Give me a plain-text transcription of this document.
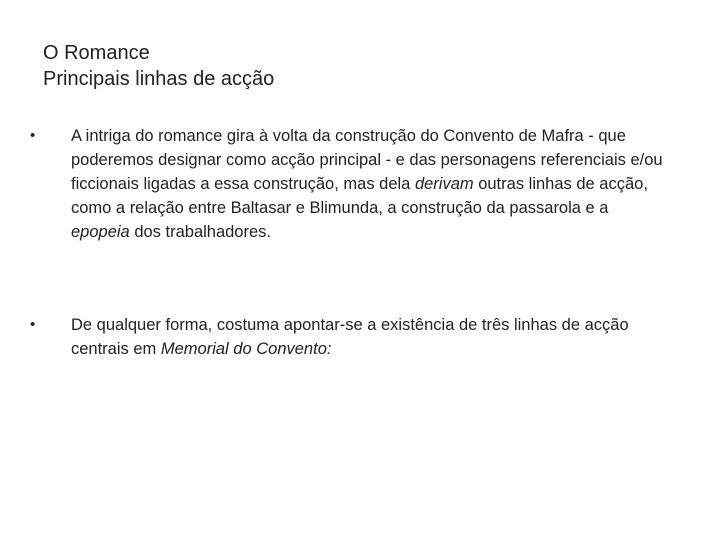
O Romance
Principais linhas de acção
•	A intriga do romance gira à volta da construção do Convento de Mafra - que poderemos designar como acção principal - e das personagens referenciais e/ou ficcionais ligadas a essa construção, mas dela derivam outras linhas de acção, como a relação entre Baltasar e Blimunda, a construção da passarola e a epopeia dos trabalhadores.
•	De qualquer forma, costuma apontar-se a existência de três linhas de acção centrais em Memorial do Convento:
